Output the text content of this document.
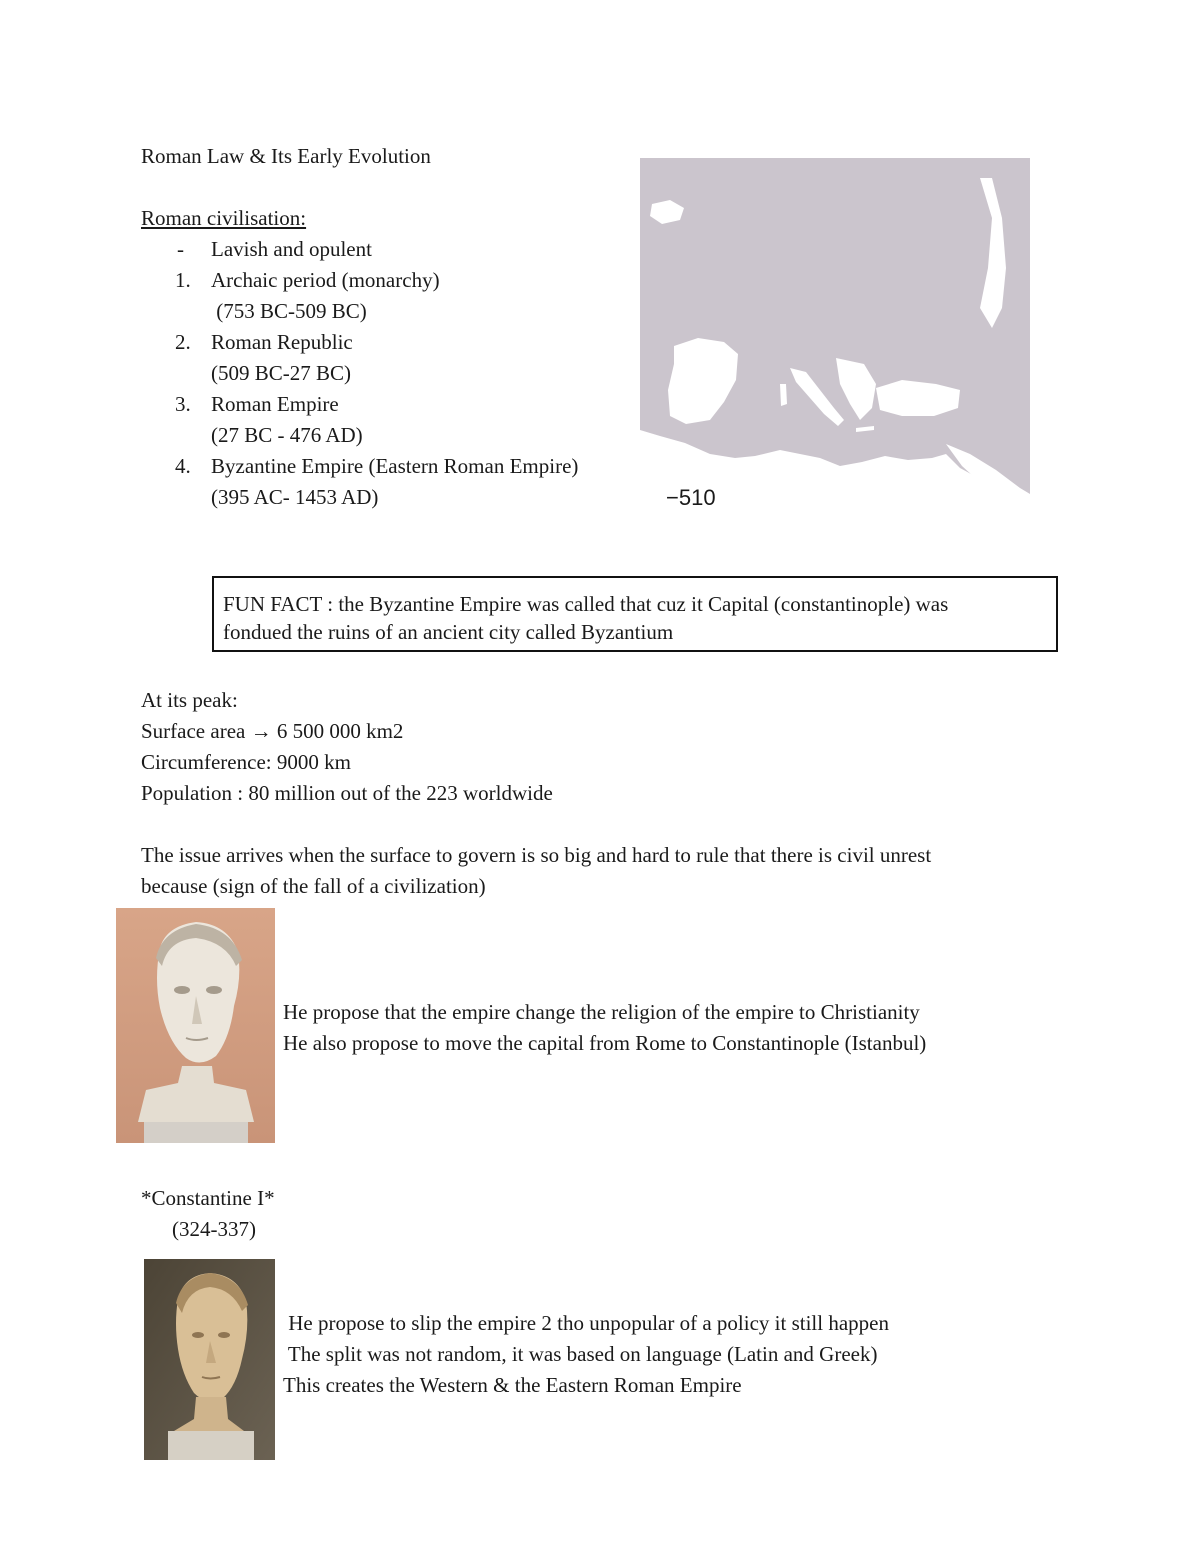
Roman Law & Its Early Evolution
Roman civilisation:
-	Lavish and opulent
1. Archaic period (monarchy)
(753 BC-509 BC)
2. Roman Republic
(509 BC-27 BC)
3. Roman Empire
(27 BC - 476 AD)
4. Byzantine Empire (Eastern Roman Empire)
(395 AC- 1453 AD)	−510
FUN FACT : the Byzantine Empire was called that cuz it Capital (constantinople) was
fondued the ruins of an ancient city called Byzantium
At its peak:
Surface area → 6 500 000 km2
Circumference: 9000 km
Population : 80 million out of the 223 worldwide
The issue arrives when the surface to govern is so big and hard to rule that there is civil unrest
because (sign of the fall of a civilization)
He propose that the empire change the religion of the empire to Christianity
He also propose to move the capital from Rome to Constantinople (Istanbul)
*Constantine I*
(324-337)
He propose to slip the empire 2 tho unpopular of a policy it still happen
The split was not random, it was based on language (Latin and Greek)
This creates the Western & the Eastern Roman Empire
